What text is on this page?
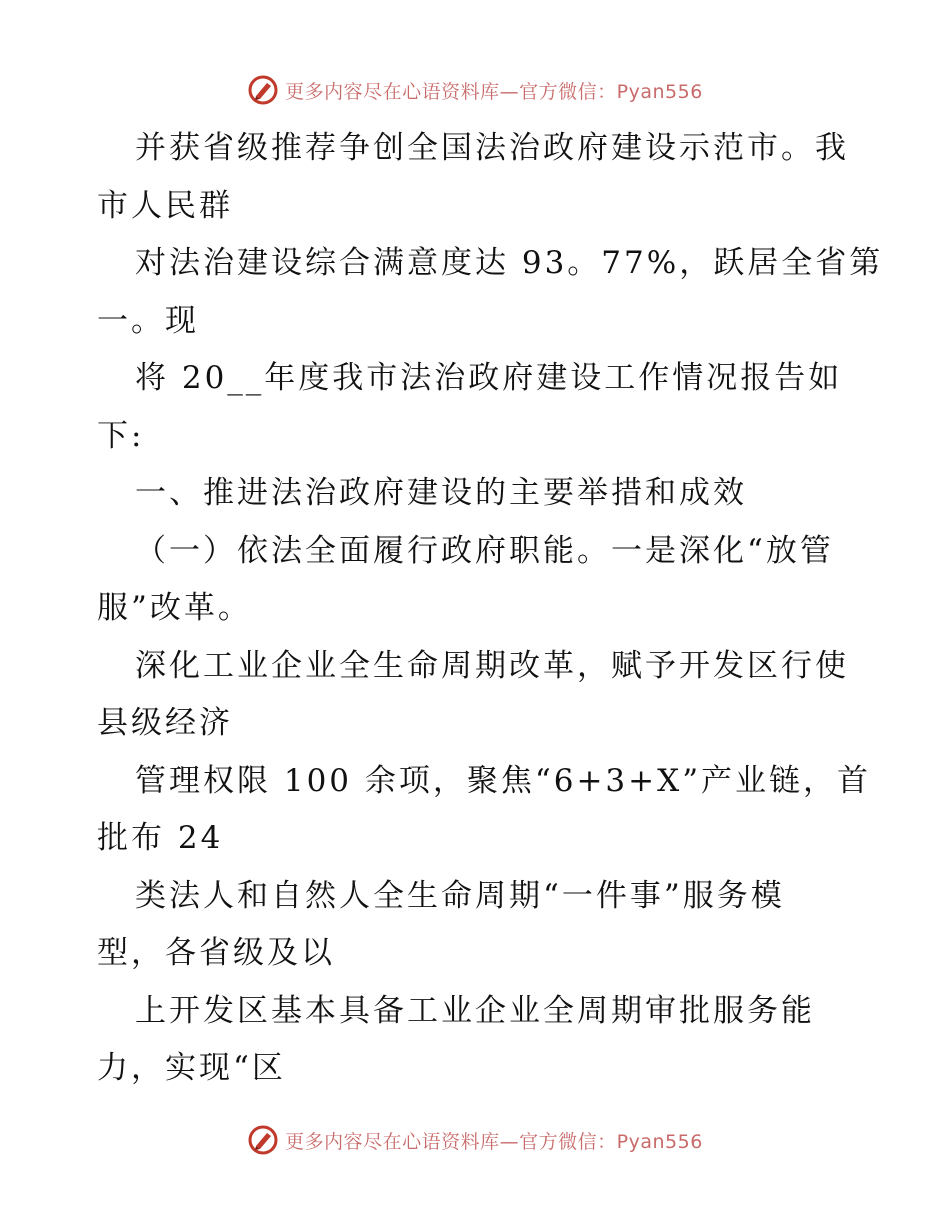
更多内容尽在心语资料库—官方微信：Pyan556

并获省级推荐争创全国法治政府建设示范市。我

市人民群

对法治建设综合满意度达 93。77%，跃居全省第

一。现

将 20__年度我市法治政府建设工作情况报告如

下:

一、推进法治政府建设的主要举措和成效

（一）依法全面履行政府职能。一是深化“放管

服”改革。

深化工业企业全生命周期改革，赋予开发区行使

县级经济

管理权限 100 余项，聚焦“6+3+X”产业链，首

批布 24

类法人和自然人全生命周期“一件事”服务模

型，各省级及以

上开发区基本具备工业企业全周期审批服务能

力，实现“区

更多内容尽在心语资料库—官方微信：Pyan556
